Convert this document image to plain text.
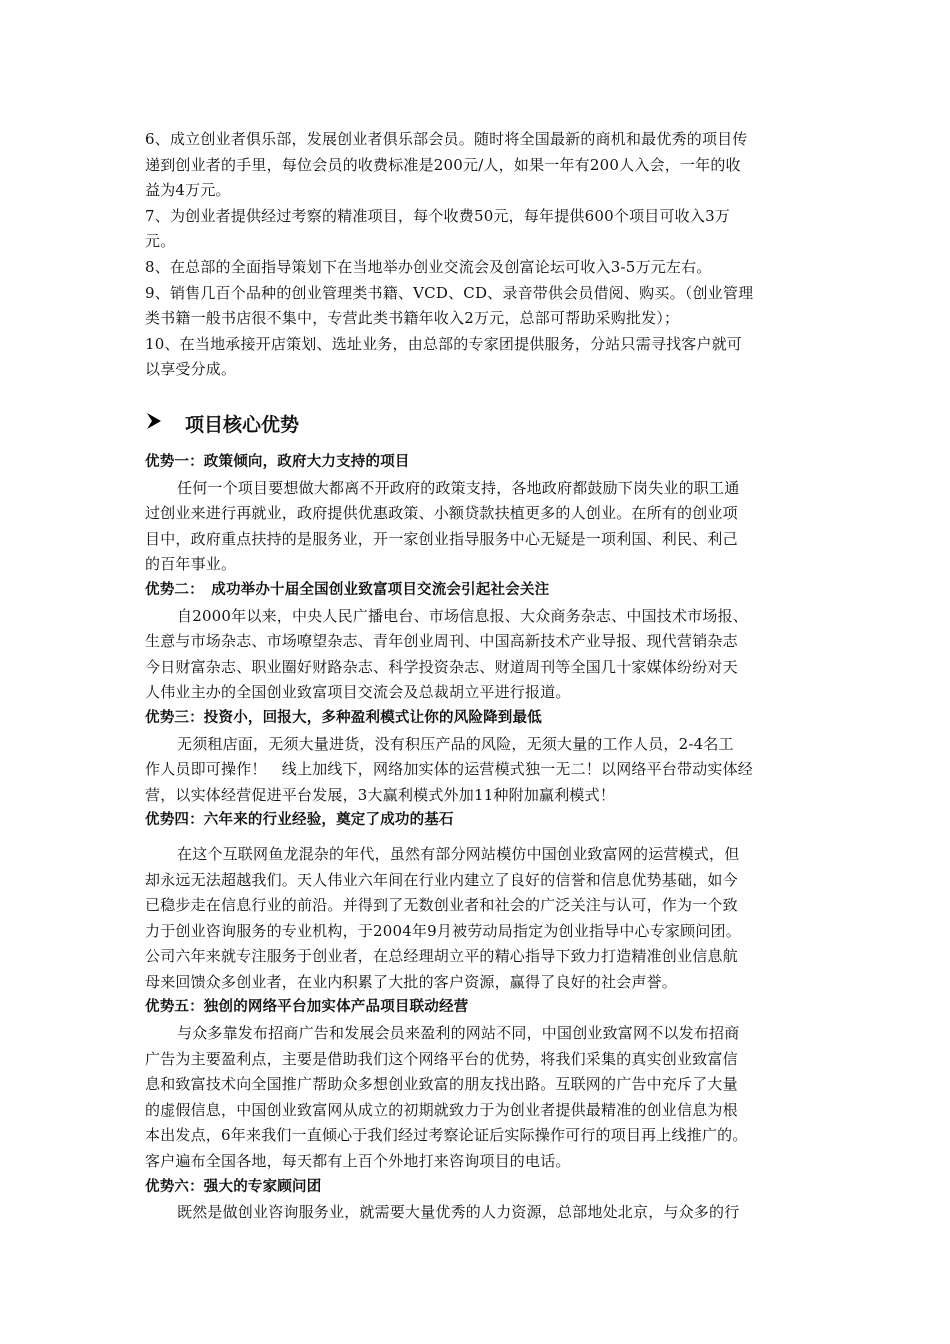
6、成立创业者俱乐部，发展创业者俱乐部会员。随时将全国最新的商机和最优秀的项目传
递到创业者的手里，每位会员的收费标准是200元/人，如果一年有200人入会，一年的收
益为4万元。
7、为创业者提供经过考察的精准项目，每个收费50元，每年提供600个项目可收入3万
元。
8、在总部的全面指导策划下在当地举办创业交流会及创富论坛可收入3-5万元左右。
9、销售几百个品种的创业管理类书籍、VCD、CD、录音带供会员借阅、购买。（创业管理
类书籍一般书店很不集中，专营此类书籍年收入2万元，总部可帮助采购批发）；
10、在当地承接开店策划、选址业务，由总部的专家团提供服务，分站只需寻找客户就可
以享受分成。
项目核心优势
优势一：政策倾向，政府大力支持的项目
任何一个项目要想做大都离不开政府的政策支持，各地政府都鼓励下岗失业的职工通
过创业来进行再就业，政府提供优惠政策、小额贷款扶植更多的人创业。在所有的创业项
目中，政府重点扶持的是服务业，开一家创业指导服务中心无疑是一项利国、利民、利己
的百年事业。
优势二：　成功举办十届全国创业致富项目交流会引起社会关注
自2000年以来，中央人民广播电台、市场信息报、大众商务杂志、中国技术市场报、
生意与市场杂志、市场嘹望杂志、青年创业周刊、中国高新技术产业导报、现代营销杂志
今日财富杂志、职业圈好财路杂志、科学投资杂志、财道周刊等全国几十家媒体纷纷对天
人伟业主办的全国创业致富项目交流会及总裁胡立平进行报道。
优势三：投资小，回报大，多种盈利模式让你的风险降到最低
无须租店面，无须大量进货，没有积压产品的风险，无须大量的工作人员，2-4名工
作人员即可操作！　线上加线下，网络加实体的运营模式独一无二！以网络平台带动实体经
营，以实体经营促进平台发展，3大赢利模式外加11种附加赢利模式！
优势四：六年来的行业经验，奠定了成功的基石
在这个互联网鱼龙混杂的年代，虽然有部分网站模仿中国创业致富网的运营模式，但
却永远无法超越我们。天人伟业六年间在行业内建立了良好的信誉和信息优势基础，如今
已稳步走在信息行业的前沿。并得到了无数创业者和社会的广泛关注与认可，作为一个致
力于创业咨询服务的专业机构，于2004年9月被劳动局指定为创业指导中心专家顾问团。
公司六年来就专注服务于创业者，在总经理胡立平的精心指导下致力打造精准创业信息航
母来回馈众多创业者，在业内积累了大批的客户资源，赢得了良好的社会声誉。
优势五：独创的网络平台加实体产品项目联动经营
与众多靠发布招商广告和发展会员来盈利的网站不同，中国创业致富网不以发布招商
广告为主要盈利点，主要是借助我们这个网络平台的优势，将我们采集的真实创业致富信
息和致富技术向全国推广帮助众多想创业致富的朋友找出路。互联网的广告中充斥了大量
的虚假信息，中国创业致富网从成立的初期就致力于为创业者提供最精准的创业信息为根
本出发点，6年来我们一直倾心于我们经过考察论证后实际操作可行的项目再上线推广的。
客户遍布全国各地，每天都有上百个外地打来咨询项目的电话。
优势六：强大的专家顾问团
既然是做创业咨询服务业，就需要大量优秀的人力资源，总部地处北京，与众多的行
